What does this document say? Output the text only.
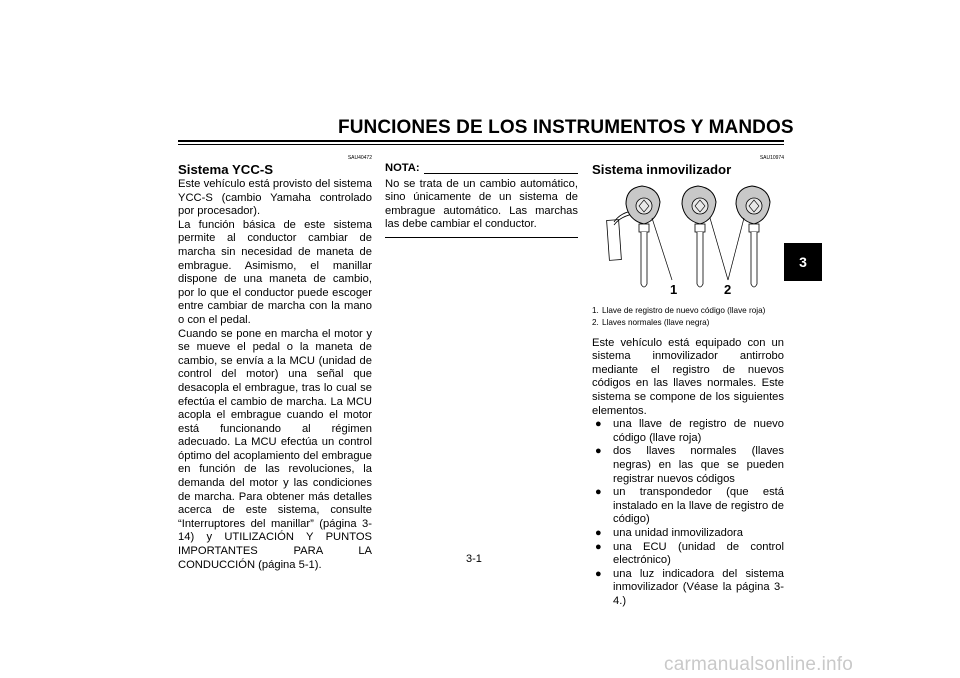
FUNCIONES DE LOS INSTRUMENTOS Y MANDOS
3
SAU40472
Sistema YCC-S

Este vehículo está provisto del sistema YCC-S (cambio Yamaha controlado por procesador).

La función básica de este sistema permite al conductor cambiar de marcha sin necesidad de maneta de embrague. Asimismo, el manillar dispone de una maneta de cambio, por lo que el conductor puede escoger entre cambiar de marcha con la mano o con el pedal.

Cuando se pone en marcha el motor y se mueve el pedal o la maneta de cambio, se envía a la MCU (unidad de control del motor) una señal que desacopla el embrague, tras lo cual se efectúa el cambio de marcha. La MCU acopla el embrague cuando el motor está funcionando al régimen adecuado. La MCU efectúa un control óptimo del acoplamiento del embrague en función de las revoluciones, la demanda del motor y las condiciones de marcha. Para obtener más detalles acerca de este sistema, consulte “Interruptores del manillar” (página 3-14) y UTILIZACIÓN Y PUNTOS IMPORTANTES PARA LA CONDUCCIÓN (página 5-1).

NOTA:
No se trata de un cambio automático, sino únicamente de un sistema de embrague automático. Las marchas las debe cambiar el conductor.
SAU10974
Sistema inmovilizador
1	2
1. Llave de registro de nuevo código (llave roja)
2. Llaves normales (llave negra)

Este vehículo está equipado con un sistema inmovilizador antirrobo mediante el registro de nuevos códigos en las llaves normales. Este sistema se compone de los siguientes elementos.

●	una llave de registro de nuevo código (llave roja)
●	dos llaves normales (llaves negras) en las que se pueden registrar nuevos códigos
●	un transpondedor (que está instalado en la llave de registro de código)
●	una unidad inmovilizadora
●	una ECU (unidad de control electrónico)
●	una luz indicadora del sistema inmovilizador (Véase la página 3-4.)
3-1
carmanualsonline.info
